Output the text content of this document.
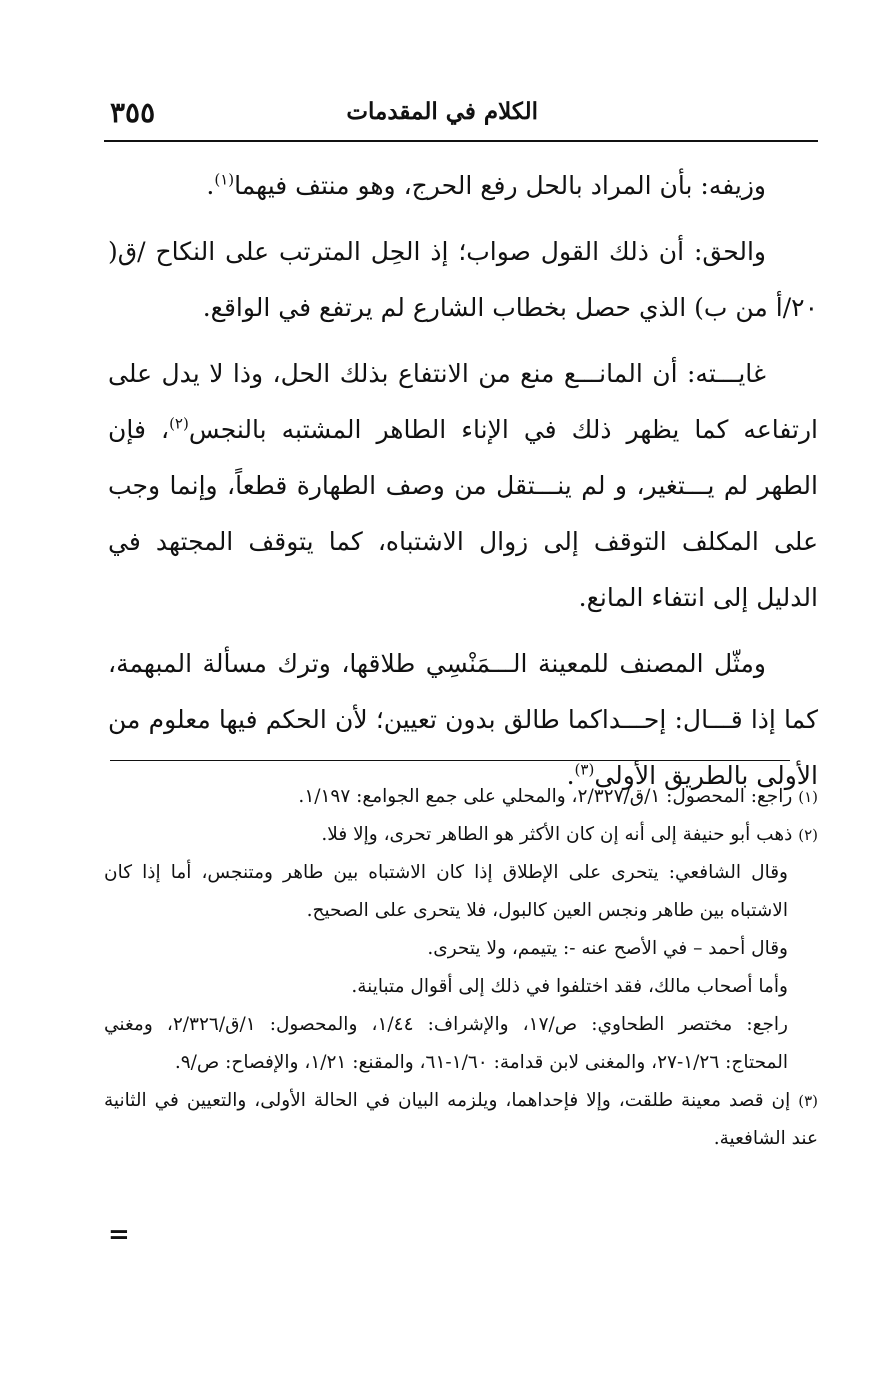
٣٥٥	الكلام في المقدمات

وزيفه: بأن المراد بالحل رفع الحرج، وهو منتف فيهما$^{(١)}$.

والحق: أن ذلك القول صواب؛ إذ الحِل المترتب على النكاح /ق( ٢٠/أ من ب) الذي حصل بخطاب الشارع لم يرتفع في الواقع.

غايـــته: أن المانـــع منع من الانتفاع بذلك الحل، وذا لا يدل على ارتفاعه كما يظهر ذلك في الإناء الطاهر المشتبه بالنجس$^{(٢)}$، فإن الطهر لم يـــتغير، و لم ينـــتقل من وصف الطهارة قطعاً، وإنما وجب على المكلف التوقف إلى زوال الاشتباه، كما يتوقف المجتهد في الدليل إلى انتفاء المانع.

ومثّل المصنف للمعينة الـــمَنْسِي طلاقها، وترك مسألة المبهمة، كما إذا قـــال: إحـــداكما طالق بدون تعيين؛ لأن الحكم فيها معلوم من الأولى بالطريق الأولى$^{(٣)}$.

(١) راجع: المحصول: ١/ق/٢/٣٢٧، والمحلي على جمع الجوامع: ١/١٩٧.

(٢) ذهب أبو حنيفة إلى أنه إن كان الأكثر هو الطاهر تحرى، وإلا فلا.

وقال الشافعي: يتحرى على الإطلاق إذا كان الاشتباه بين طاهر ومتنجس، أما إذا كان الاشتباه بين طاهر ونجس العين كالبول، فلا يتحرى على الصحيح.

وقال أحمد – في الأصح عنه -: يتيمم، ولا يتحرى.

وأما أصحاب مالك، فقد اختلفوا في ذلك إلى أقوال متباينة.

راجع: مختصر الطحاوي: ص/١٧، والإشراف: ١/٤٤، والمحصول: ١/ق/٢/٣٢٦، ومغني المحتاج: ١/٢٦-٢٧، والمغنى لابن قدامة: ١/٦٠-٦١، والمقنع: ١/٢١، والإفصاح: ص/٩.

(٣) إن قصد معينة طلقت، وإلا فإحداهما، ويلزمه البيان في الحالة الأولى، والتعيين في الثانية عند الشافعية.

=
